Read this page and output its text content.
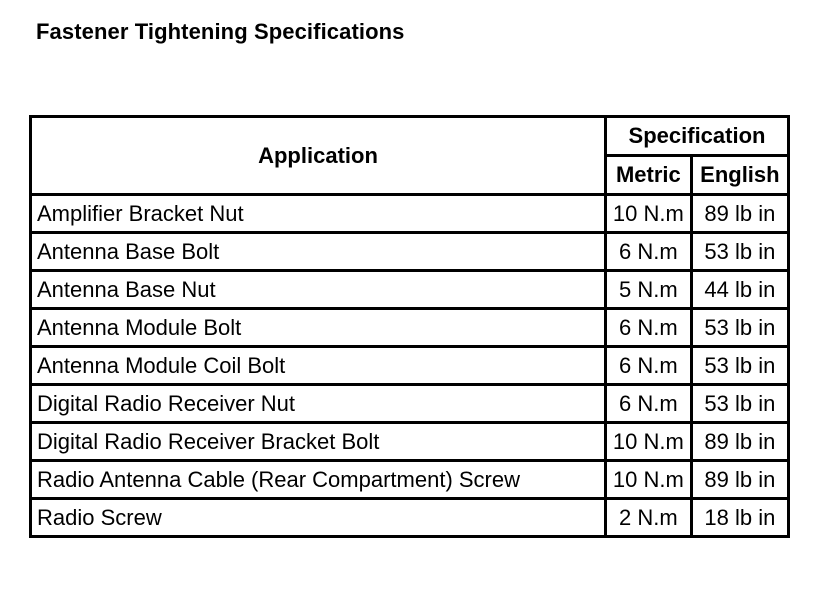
Fastener Tightening Specifications
Application	Specification	
	Metric	English
Amplifier Bracket Nut	10 N.m	89 lb in
Antenna Base Bolt	6 N.m	53 lb in
Antenna Base Nut	5 N.m	44 lb in
Antenna Module Bolt	6 N.m	53 lb in
Antenna Module Coil Bolt	6 N.m	53 lb in
Digital Radio Receiver Nut	6 N.m	53 lb in
Digital Radio Receiver Bracket Bolt	10 N.m	89 lb in
Radio Antenna Cable (Rear Compartment) Screw	10 N.m	89 lb in
Radio Screw	2 N.m	18 lb in
